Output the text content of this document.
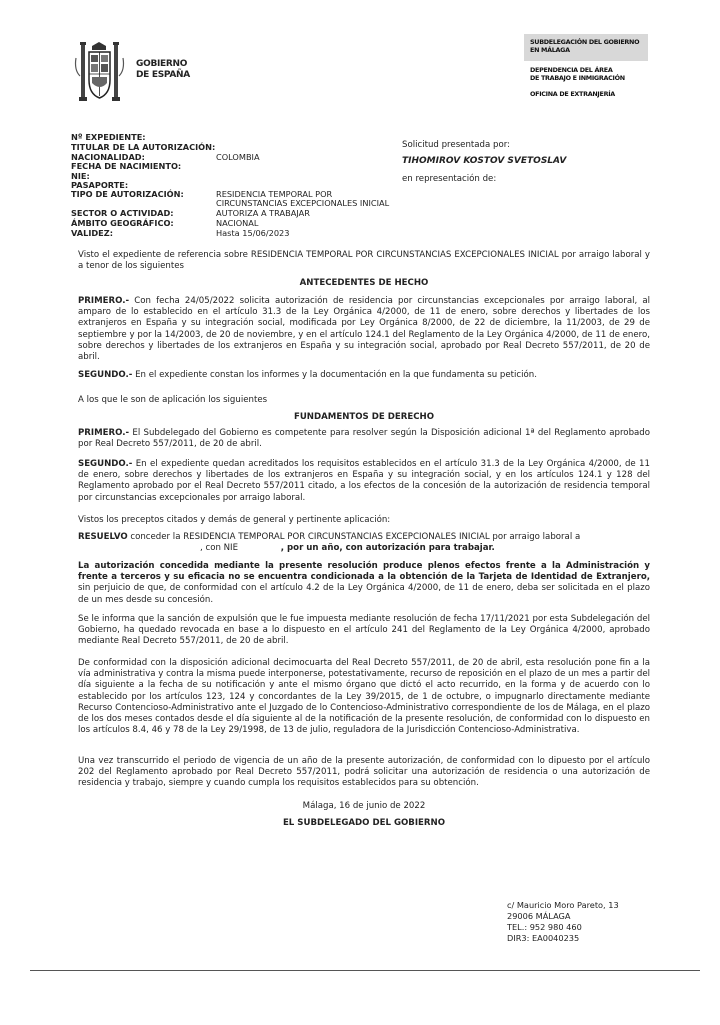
GOBIERNO
DE ESPAÑA
SUBDELEGACIÓN DEL GOBIERNO
EN MÁLAGA
DEPENDENCIA DEL ÁREA
DE TRABAJO E INMIGRACIÓN
OFICINA DE EXTRANJERÍA
Nº EXPEDIENTE:
TITULAR DE LA AUTORIZACIÓN:
NACIONALIDAD:
FECHA DE NACIMIENTO:
NIE:
PASAPORTE:
TIPO DE AUTORIZACIÓN:
SECTOR O ACTIVIDAD:
ÁMBITO GEOGRÁFICO:
VALIDEZ:
COLOMBIA
RESIDENCIA TEMPORAL POR
CIRCUNSTANCIAS EXCEPCIONALES INICIAL
AUTORIZA A TRABAJAR
NACIONAL
Hasta 15/06/2023
Solicitud presentada por:
TIHOMIROV KOSTOV SVETOSLAV
en representación de:
Visto el expediente de referencia sobre RESIDENCIA TEMPORAL POR CIRCUNSTANCIAS EXCEPCIONALES INICIAL por arraigo laboral y a tenor de los siguientes
ANTECEDENTES DE HECHO
PRIMERO.- Con fecha 24/05/2022 solicita autorización de residencia por circunstancias excepcionales por arraigo laboral, al amparo de lo establecido en el artículo 31.3 de la Ley Orgánica 4/2000, de 11 de enero, sobre derechos y libertades de los extranjeros en España y su integración social, modificada por Ley Orgánica 8/2000, de 22 de diciembre, la 11/2003, de 29 de septiembre y por la 14/2003, de 20 de noviembre, y en el artículo 124.1 del Reglamento de la Ley Orgánica 4/2000, de 11 de enero, sobre derechos y libertades de los extranjeros en España y su integración social, aprobado por Real Decreto 557/2011, de 20 de abril.
SEGUNDO.- En el expediente constan los informes y la documentación en la que fundamenta su petición.
A los que le son de aplicación los siguientes
FUNDAMENTOS DE DERECHO
PRIMERO.- El Subdelegado del Gobierno es competente para resolver según la Disposición adicional 1ª del Reglamento aprobado por Real Decreto 557/2011, de 20 de abril.
SEGUNDO.- En el expediente quedan acreditados los requisitos establecidos en el artículo 31.3 de la Ley Orgánica 4/2000, de 11 de enero, sobre derechos y libertades de los extranjeros en España y su integración social, y en los artículos 124.1 y 128 del Reglamento aprobado por el Real Decreto 557/2011 citado, a los efectos de la concesión de la autorización de residencia temporal por circunstancias excepcionales por arraigo laboral.
Vistos los preceptos citados y demás de general y pertinente aplicación:
RESUELVO conceder la RESIDENCIA TEMPORAL POR CIRCUNSTANCIAS EXCEPCIONALES INICIAL por arraigo laboral a
, con NIE	, por un año, con autorización para trabajar.
La autorización concedida mediante la presente resolución produce plenos efectos frente a la Administración y frente a terceros y su eficacia no se encuentra condicionada a la obtención de la Tarjeta de Identidad de Extranjero, sin perjuicio de que, de conformidad con el artículo 4.2 de la Ley Orgánica 4/2000, de 11 de enero, deba ser solicitada en el plazo de un mes desde su concesión.
Se le informa que la sanción de expulsión que le fue impuesta mediante resolución de fecha 17/11/2021 por esta Subdelegación del Gobierno, ha quedado revocada en base a lo dispuesto en el artículo 241 del Reglamento de la Ley Orgánica 4/2000, aprobado mediante Real Decreto 557/2011, de 20 de abril.
De conformidad con la disposición adicional decimocuarta del Real Decreto 557/2011, de 20 de abril, esta resolución pone fin a la vía administrativa y contra la misma puede interponerse, potestativamente, recurso de reposición en el plazo de un mes a partir del día siguiente a la fecha de su notificación y ante el mismo órgano que dictó el acto recurrido, en la forma y de acuerdo con lo establecido por los artículos 123, 124 y concordantes de la Ley 39/2015, de 1 de octubre, o impugnarlo directamente mediante Recurso Contencioso-Administrativo ante el Juzgado de lo Contencioso-Administrativo correspondiente de los de Málaga, en el plazo de los dos meses contados desde el día siguiente al de la notificación de la presente resolución, de conformidad con lo dispuesto en los artículos 8.4, 46 y 78 de la Ley 29/1998, de 13 de julio, reguladora de la Jurisdicción Contencioso-Administrativa.
Una vez transcurrido el periodo de vigencia de un año de la presente autorización, de conformidad con lo dipuesto por el artículo 202 del Reglamento aprobado por Real Decreto 557/2011, podrá solicitar una autorización de residencia o una autorización de residencia y trabajo, siempre y cuando cumpla los requisitos establecidos para su obtención.
Málaga, 16 de junio de 2022
EL SUBDELEGADO DEL GOBIERNO
c/ Mauricio Moro Pareto, 13
29006 MÁLAGA
TEL.: 952 980 460
DIR3: EA0040235
